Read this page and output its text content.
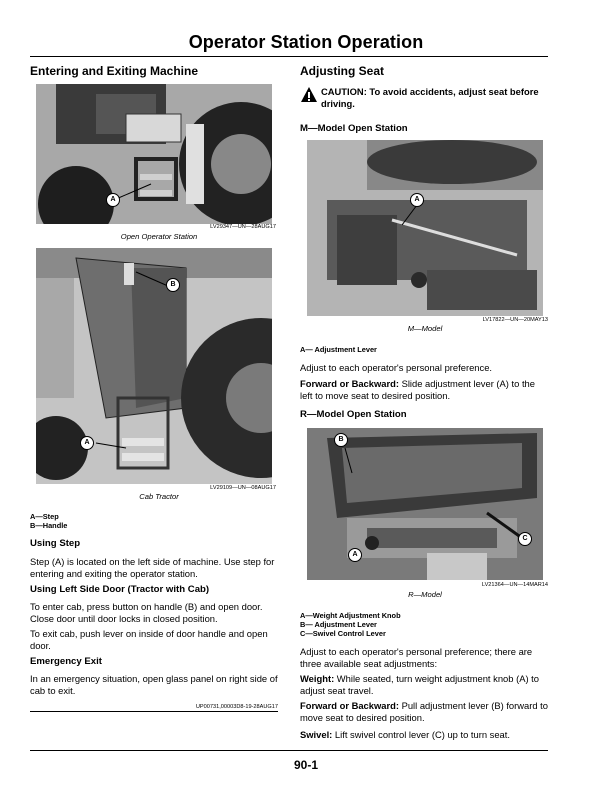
Operator Station Operation
Entering and Exiting Machine
A
LV29347—UN—28AUG17
Open Operator Station
B
A
LV29109—UN—08AUG17
Cab Tractor
A—Step
B—Handle
Using Step
Step (A) is located on the left side of machine. Use step for entering and exiting the operator station.
Using Left Side Door (Tractor with Cab)
To enter cab, press button on handle (B) and open door. Close door until door locks in closed position.
To exit cab, push lever on inside of door handle and open door.
Emergency Exit
In an emergency situation, open glass panel on right side of cab to exit.
UP00731,00003D8-19-28AUG17
Adjusting Seat
CAUTION: To avoid accidents, adjust seat before driving.
M—Model Open Station
A
LV17822—UN—20MAY13
M—Model
A— Adjustment Lever
Adjust to each operator's personal preference.
Forward or Backward: Slide adjustment lever (A) to the left to move seat to desired position.
R—Model Open Station
B
A
C
LV21364—UN—14MAR14
R—Model
A—Weight Adjustment Knob
B— Adjustment Lever
C—Swivel Control Lever
Adjust to each operator's personal preference; there are three available seat adjustments:
Weight: While seated, turn weight adjustment knob (A) to adjust seat travel.
Forward or Backward: Pull adjustment lever (B) forward to move seat to desired position.
Swivel: Lift swivel control lever (C) up to turn seat.
90-1
